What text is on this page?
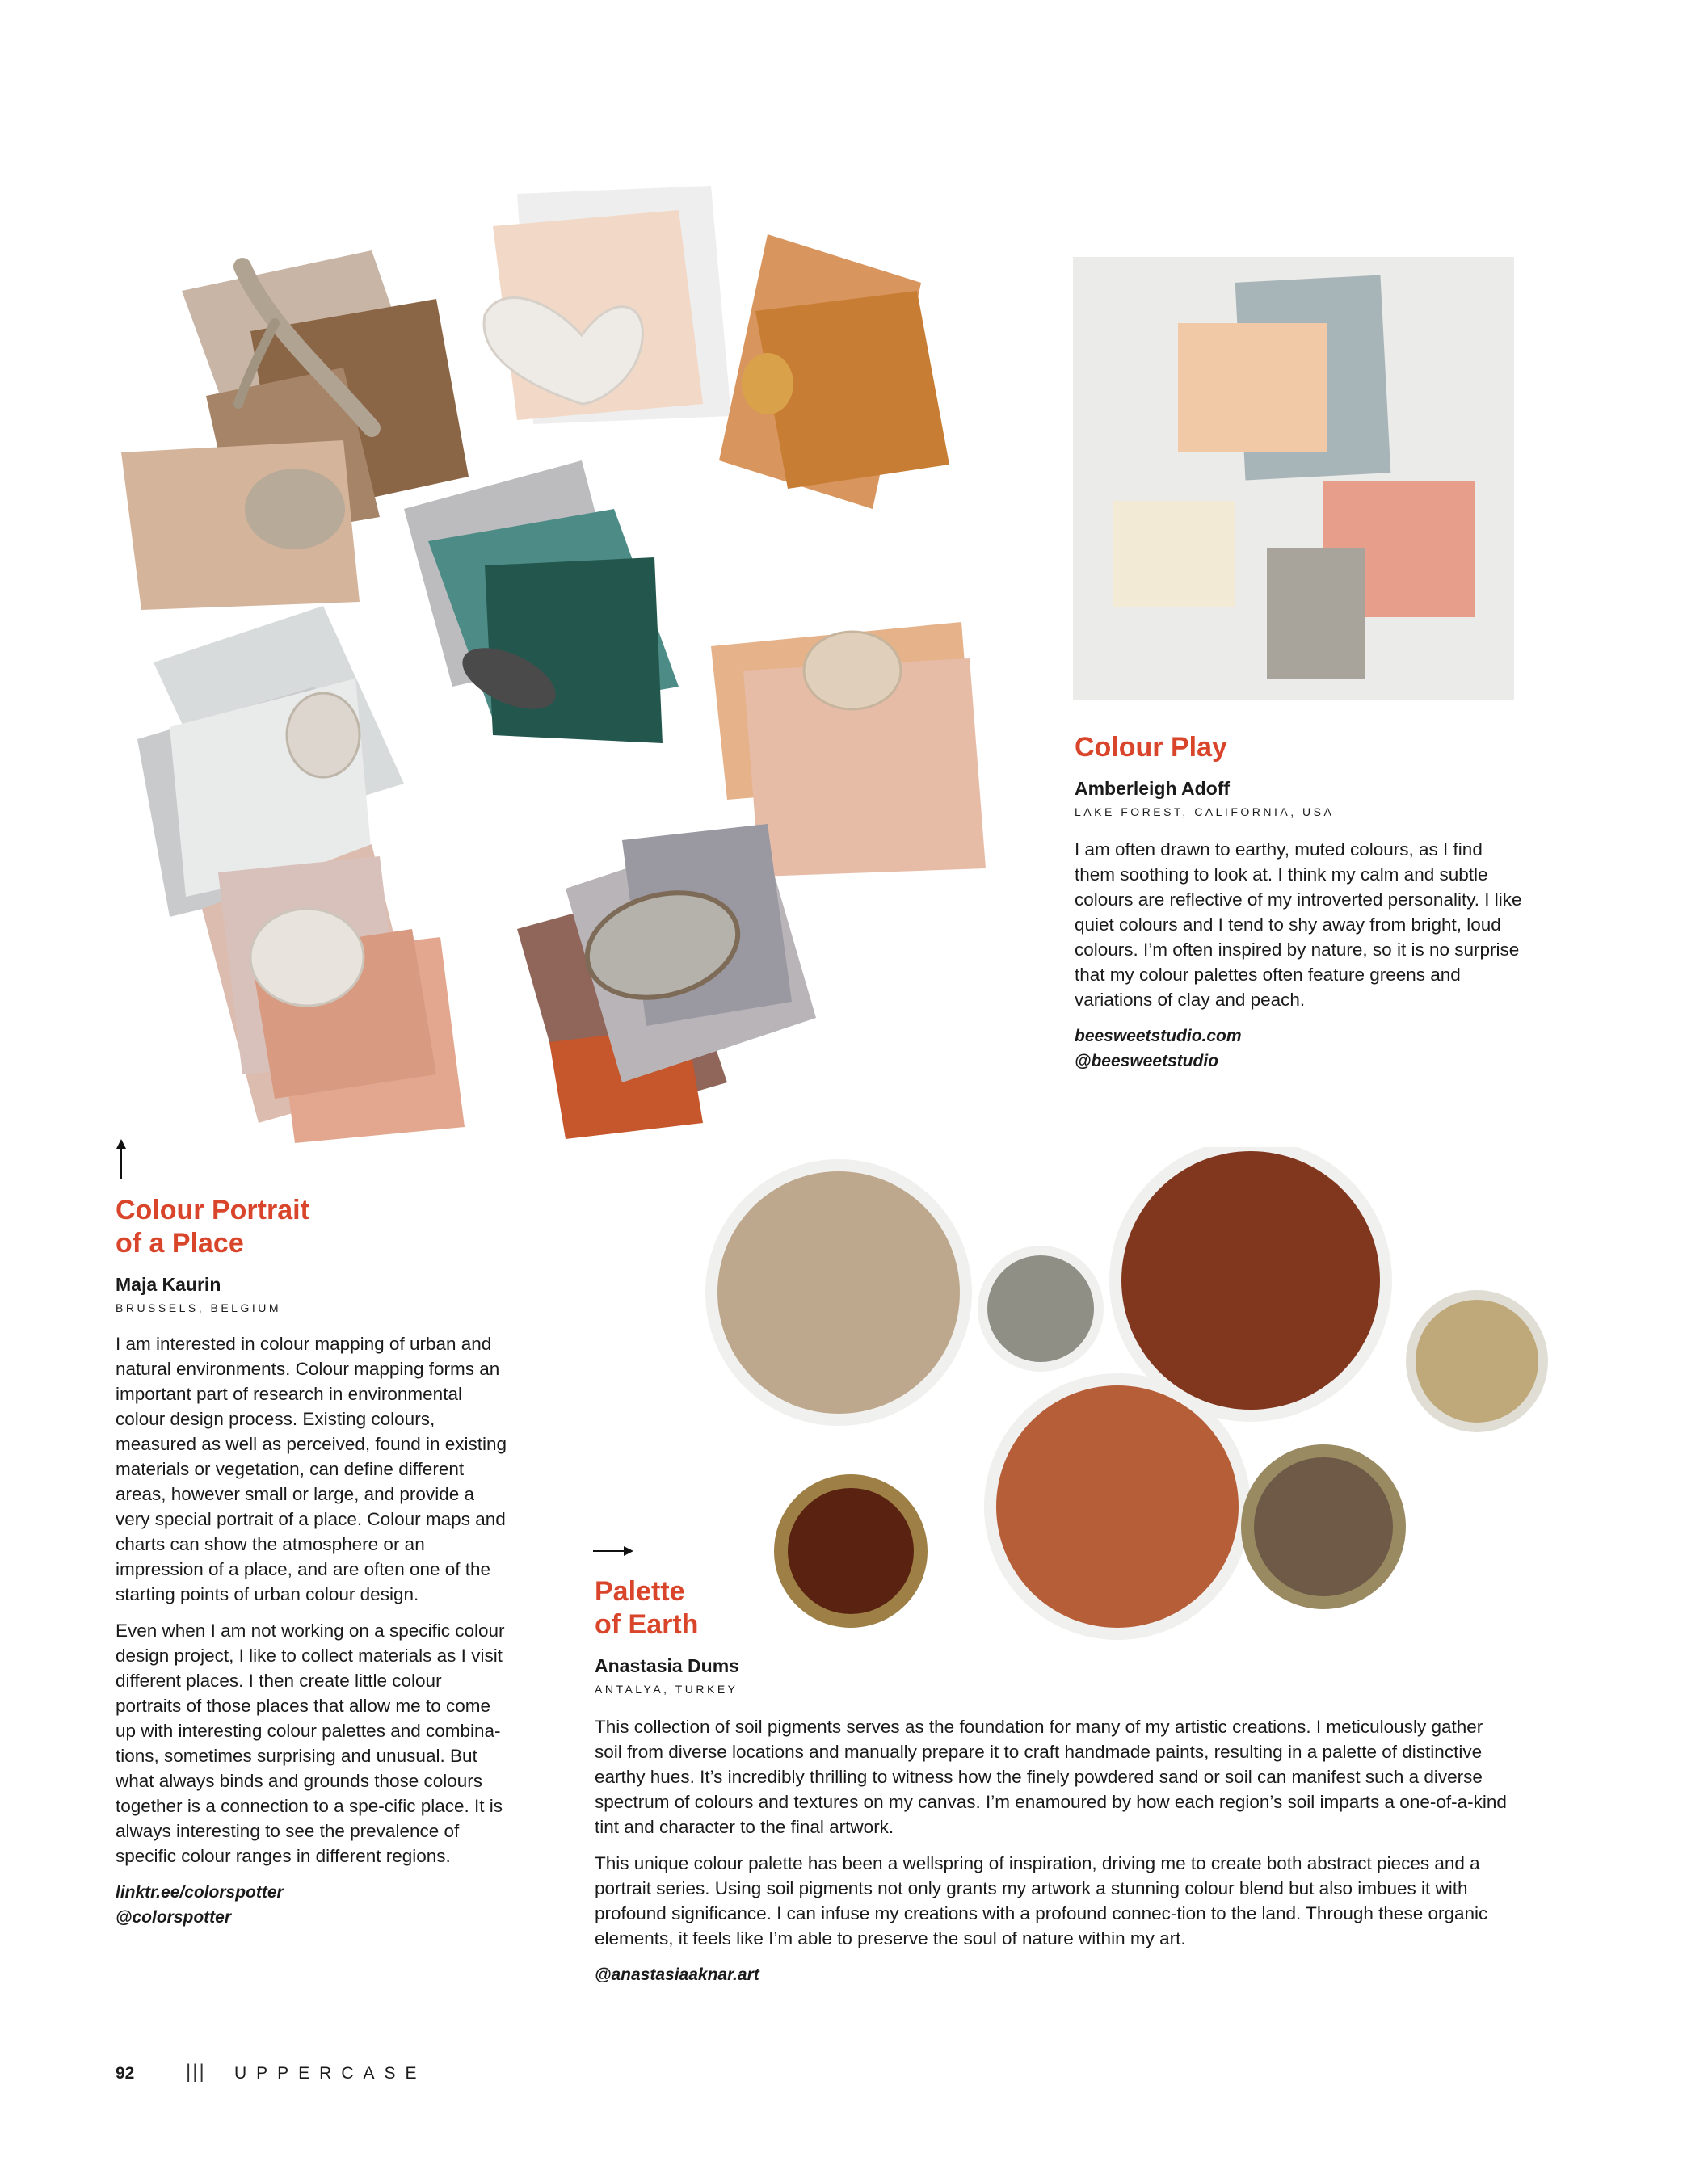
Colour Play
Amberleigh Adoff
LAKE FOREST, CALIFORNIA, USA

I am often drawn to earthy, muted colours, as I find them soothing to look at. I think my calm and subtle colours are reflective of my introverted personality. I like quiet colours and I tend to shy away from bright, loud colours. I’m often inspired by nature, so it is no surprise that my colour palettes often feature greens and variations of clay and peach.

beesweetstudio.com
@beesweetstudio
Colour Portrait
of a Place
Maja Kaurin
BRUSSELS, BELGIUM

I am interested in colour mapping of urban and natural environments. Colour mapping forms an important part of research in environmental colour design process. Existing colours, measured as well as perceived, found in existing materials or vegetation, can define different areas, however small or large, and provide a very special portrait of a place. Colour maps and charts can show the atmosphere or an impression of a place, and are often one of the starting points of urban colour design.

Even when I am not working on a specific colour design project, I like to collect materials as I visit different places. I then create little colour portraits of those places that allow me to come up with interesting colour palettes and combina-tions, sometimes surprising and unusual. But what always binds and grounds those colours together is a connection to a spe-cific place. It is always interesting to see the prevalence of specific colour ranges in different regions.

linktr.ee/colorspotter
@colorspotter
Palette
of Earth
Anastasia Dums
ANTALYA, TURKEY

This collection of soil pigments serves as the foundation for many of my artistic creations. I meticulously gather soil from diverse locations and manually prepare it to craft handmade paints, resulting in a palette of distinctive earthy hues. It’s incredibly thrilling to witness how the finely powdered sand or soil can manifest such a diverse spectrum of colours and textures on my canvas. I’m enamoured by how each region’s soil imparts a one-of-a-kind tint and character to the final artwork.

This unique colour palette has been a wellspring of inspiration, driving me to create both abstract pieces and a portrait series. Using soil pigments not only grants my artwork a stunning colour blend but also imbues it with profound significance. I can infuse my creations with a profound connec-tion to the land. Through these organic elements, it feels like I’m able to preserve the soul of nature within my art.

@anastasiaaknar.art
92	||| UPPERCASE
